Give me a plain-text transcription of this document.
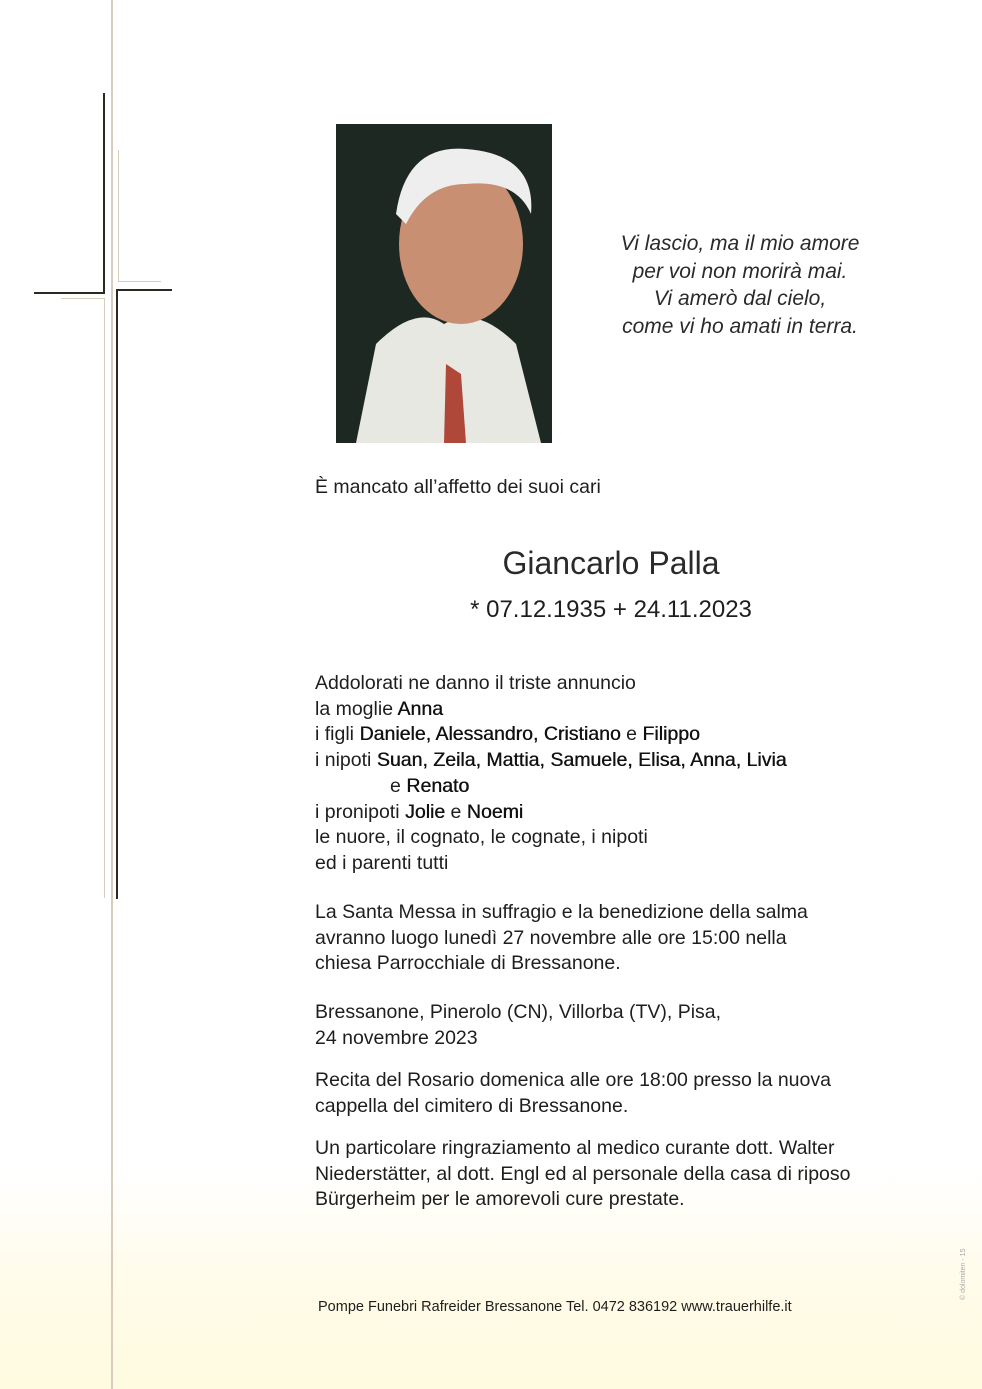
Vi lascio, ma il mio amore
per voi non morirà mai.
Vi amerò dal cielo,
come vi ho amati in terra.
È mancato all’affetto dei suoi cari
Giancarlo Palla
* 07.12.1935 + 24.11.2023
Addolorati ne danno il triste annuncio
la moglie Anna
i figli Daniele, Alessandro, Cristiano e Filippo
i nipoti Suan, Zeila, Mattia, Samuele, Elisa, Anna, Livia
e Renato
i pronipoti Jolie e Noemi
le nuore, il cognato, le cognate, i nipoti
ed i parenti tutti
La Santa Messa in suffragio e la benedizione della salma
avranno luogo lunedì 27 novembre alle ore 15:00 nella
chiesa Parrocchiale di Bressanone.
Bressanone, Pinerolo (CN), Villorba (TV), Pisa,
24 novembre 2023
Recita del Rosario domenica alle ore 18:00 presso la nuova
cappella del cimitero di Bressanone.
Un particolare ringraziamento al medico curante dott. Walter
Niederstätter, al dott. Engl ed al personale della casa di riposo
Bürgerheim per le amorevoli cure prestate.
Pompe Funebri Rafreider Bressanone Tel. 0472 836192 www.trauerhilfe.it
© dolomiten - 15
